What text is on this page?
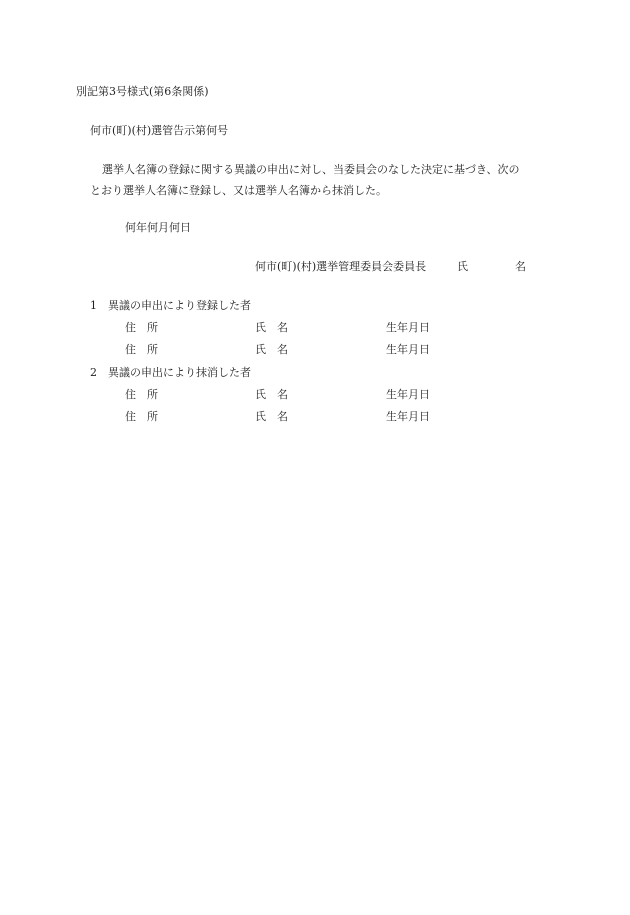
別記第3号様式(第6条関係)
何市(町)(村)選管告示第何号
選挙人名簿の登録に関する異議の申出に対し、当委員会のなした決定に基づき、次の
とおり選挙人名簿に登録し、又は選挙人名簿から抹消した。
何年何月何日
何市(町)(村)選挙管理委員会委員長	氏	名
1 異議の申出により登録した者
住　所	氏　名	生年月日
住　所	氏　名	生年月日
2 異議の申出により抹消した者
住　所	氏　名	生年月日
住　所	氏　名	生年月日
